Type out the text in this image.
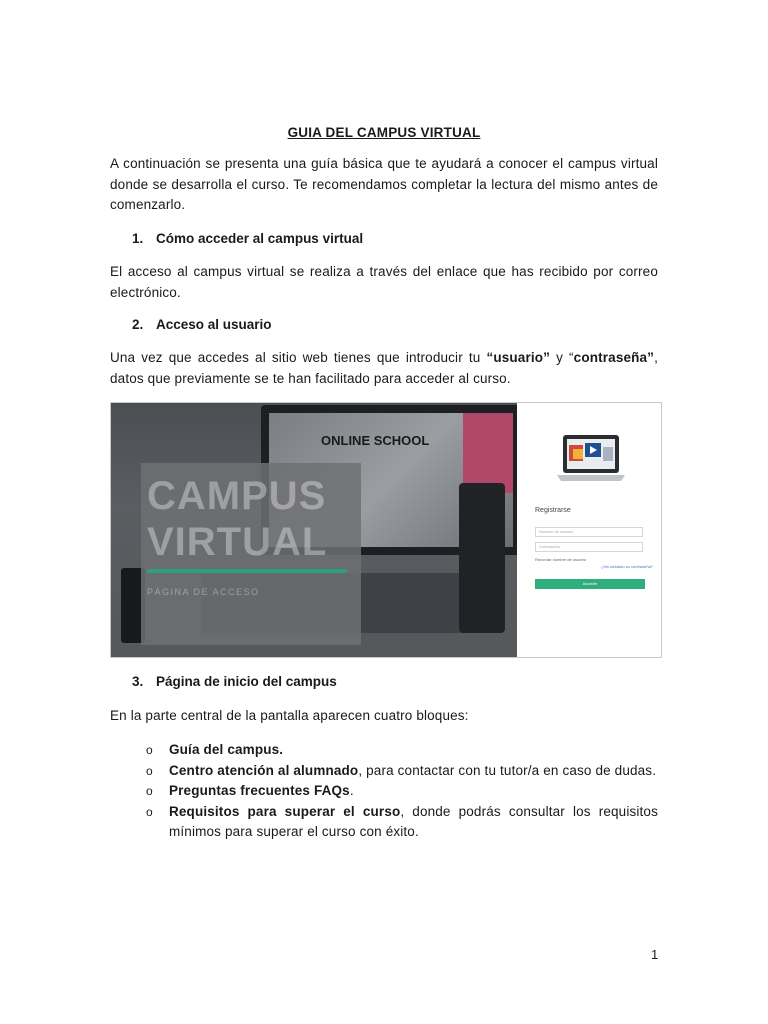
GUIA DEL CAMPUS VIRTUAL
A continuación se presenta una guía básica que te ayudará a conocer el campus virtual donde se desarrolla el curso. Te recomendamos completar la lectura del mismo antes de comenzarlo.
1. Cómo acceder al campus virtual
El acceso al campus virtual se realiza a través del enlace que has recibido por correo electrónico.
2. Acceso al usuario
Una vez que accedes al sitio web tienes que introducir tu “usuario” y “contraseña”, datos que previamente se te han facilitado para acceder al curso.
ONLINE SCHOOL
CAMPUS
VIRTUAL
PÁGINA DE ACCESO
Registrarse
Nombre de usuario
Contraseña
Recordar nombre de usuario
¿Ha olvidado su contraseña?
Acceder
3. Página de inicio del campus
En la parte central de la pantalla aparecen cuatro bloques:
o Guía del campus.
o Centro atención al alumnado, para contactar con tu tutor/a en caso de dudas.
o Preguntas frecuentes FAQs.
o Requisitos para superar el curso, donde podrás consultar los requisitos mínimos para superar el curso con éxito.
1
